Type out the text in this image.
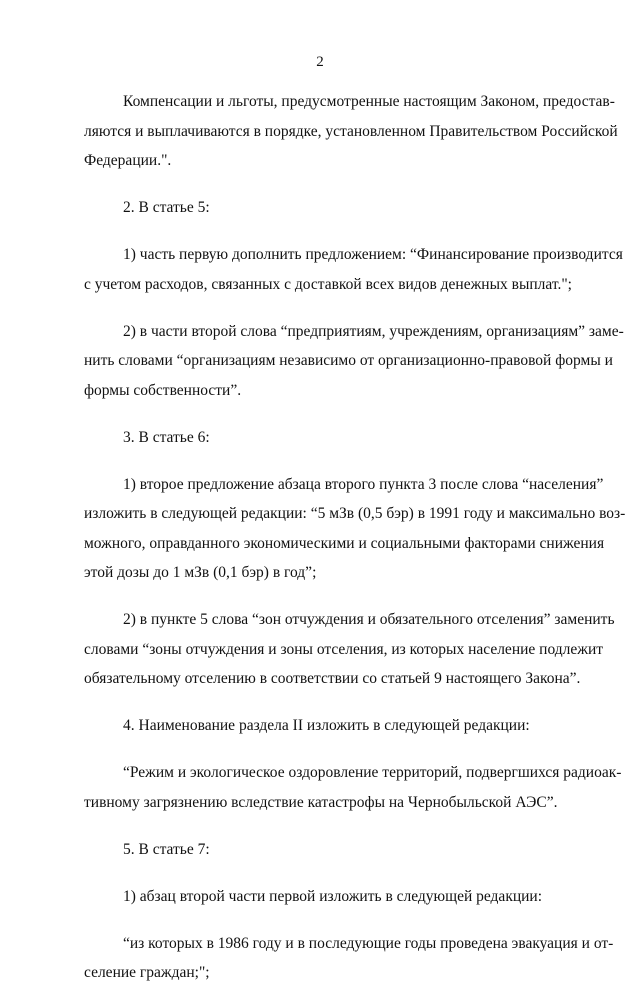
2

Компенсации и льготы, предусмотренные настоящим Законом, предостав-
ляются и выплачиваются в порядке, установленном Правительством Российской
Федерации.".

2. В статье 5:

1) часть первую дополнить предложением: “Финансирование производится
с учетом расходов, связанных с доставкой всех видов денежных выплат.";

2) в части второй слова “предприятиям, учреждениям, организациям” заме-
нить словами “организациям независимо от организационно-правовой формы и
формы собственности”.

3. В статье 6:

1) второе предложение абзаца второго пункта 3 после слова “населения”
изложить в следующей редакции: “5 мЗв (0,5 бэр) в 1991 году и максимально воз-
можного, оправданного экономическими и социальными факторами снижения
этой дозы до 1 мЗв (0,1 бэр) в год”;

2) в пункте 5 слова “зон отчуждения и обязательного отселения” заменить
словами “зоны отчуждения и зоны отселения, из которых население подлежит
обязательному отселению в соответствии со статьей 9 настоящего Закона”.

4. Наименование раздела II изложить в следующей редакции:

“Режим и экологическое оздоровление территорий, подвергшихся радиоак-
тивному загрязнению вследствие катастрофы на Чернобыльской АЭС”.

5. В статье 7:

1) абзац второй части первой изложить в следующей редакции:

“из которых в 1986 году и в последующие годы проведена эвакуация и от-
селение граждан;";
